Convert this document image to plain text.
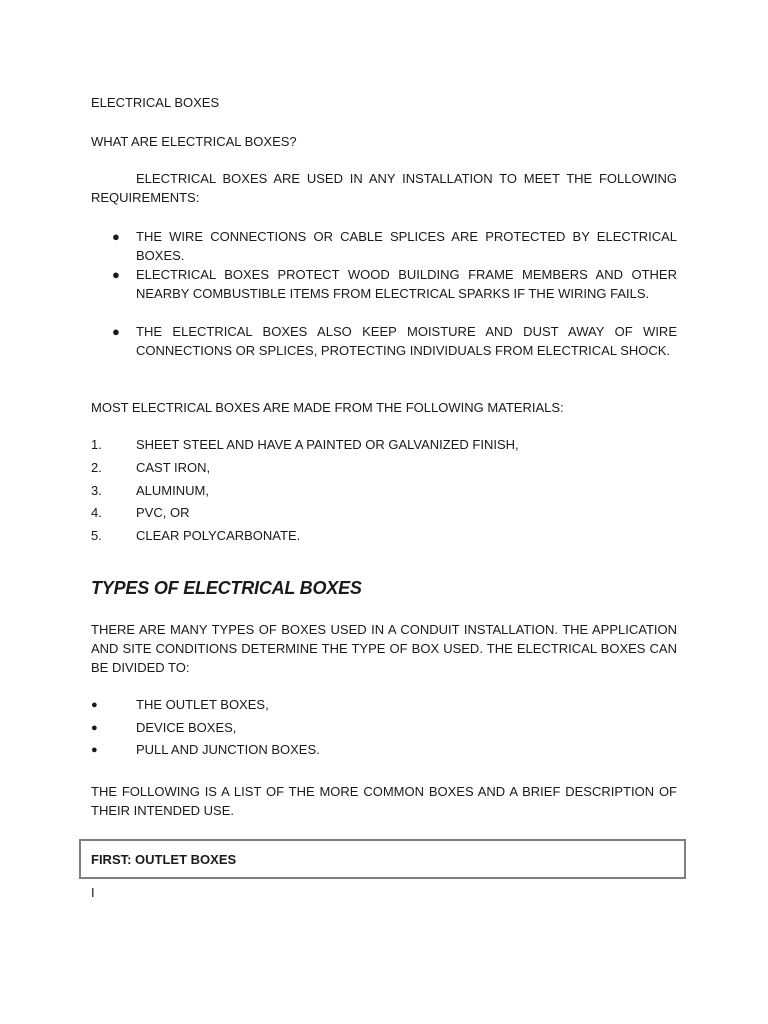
ELECTRICAL BOXES
WHAT ARE ELECTRICAL BOXES?
ELECTRICAL BOXES ARE USED IN ANY INSTALLATION TO MEET THE FOLLOWING REQUIREMENTS:
● THE WIRE CONNECTIONS OR CABLE SPLICES ARE PROTECTED BY ELECTRICAL BOXES.
● ELECTRICAL BOXES PROTECT WOOD BUILDING FRAME MEMBERS AND OTHER NEARBY COMBUSTIBLE ITEMS FROM ELECTRICAL SPARKS IF THE WIRING FAILS.
● THE ELECTRICAL BOXES ALSO KEEP MOISTURE AND DUST AWAY OF WIRE CONNECTIONS OR SPLICES, PROTECTING INDIVIDUALS FROM ELECTRICAL SHOCK.
MOST ELECTRICAL BOXES ARE MADE FROM THE FOLLOWING MATERIALS:
1.	SHEET STEEL AND HAVE A PAINTED OR GALVANIZED FINISH,
2.	CAST IRON,
3.	ALUMINUM,
4.	PVC, OR
5.	CLEAR POLYCARBONATE.
TYPES OF ELECTRICAL BOXES
THERE ARE MANY TYPES OF BOXES USED IN A CONDUIT INSTALLATION. THE APPLICATION AND SITE CONDITIONS DETERMINE THE TYPE OF BOX USED. THE ELECTRICAL BOXES CAN BE DIVIDED TO:
●	THE OUTLET BOXES,
●	DEVICE BOXES,
●	PULL AND JUNCTION BOXES.
THE FOLLOWING IS A LIST OF THE MORE COMMON BOXES AND A BRIEF DESCRIPTION OF THEIR INTENDED USE.
FIRST: OUTLET BOXES
I
